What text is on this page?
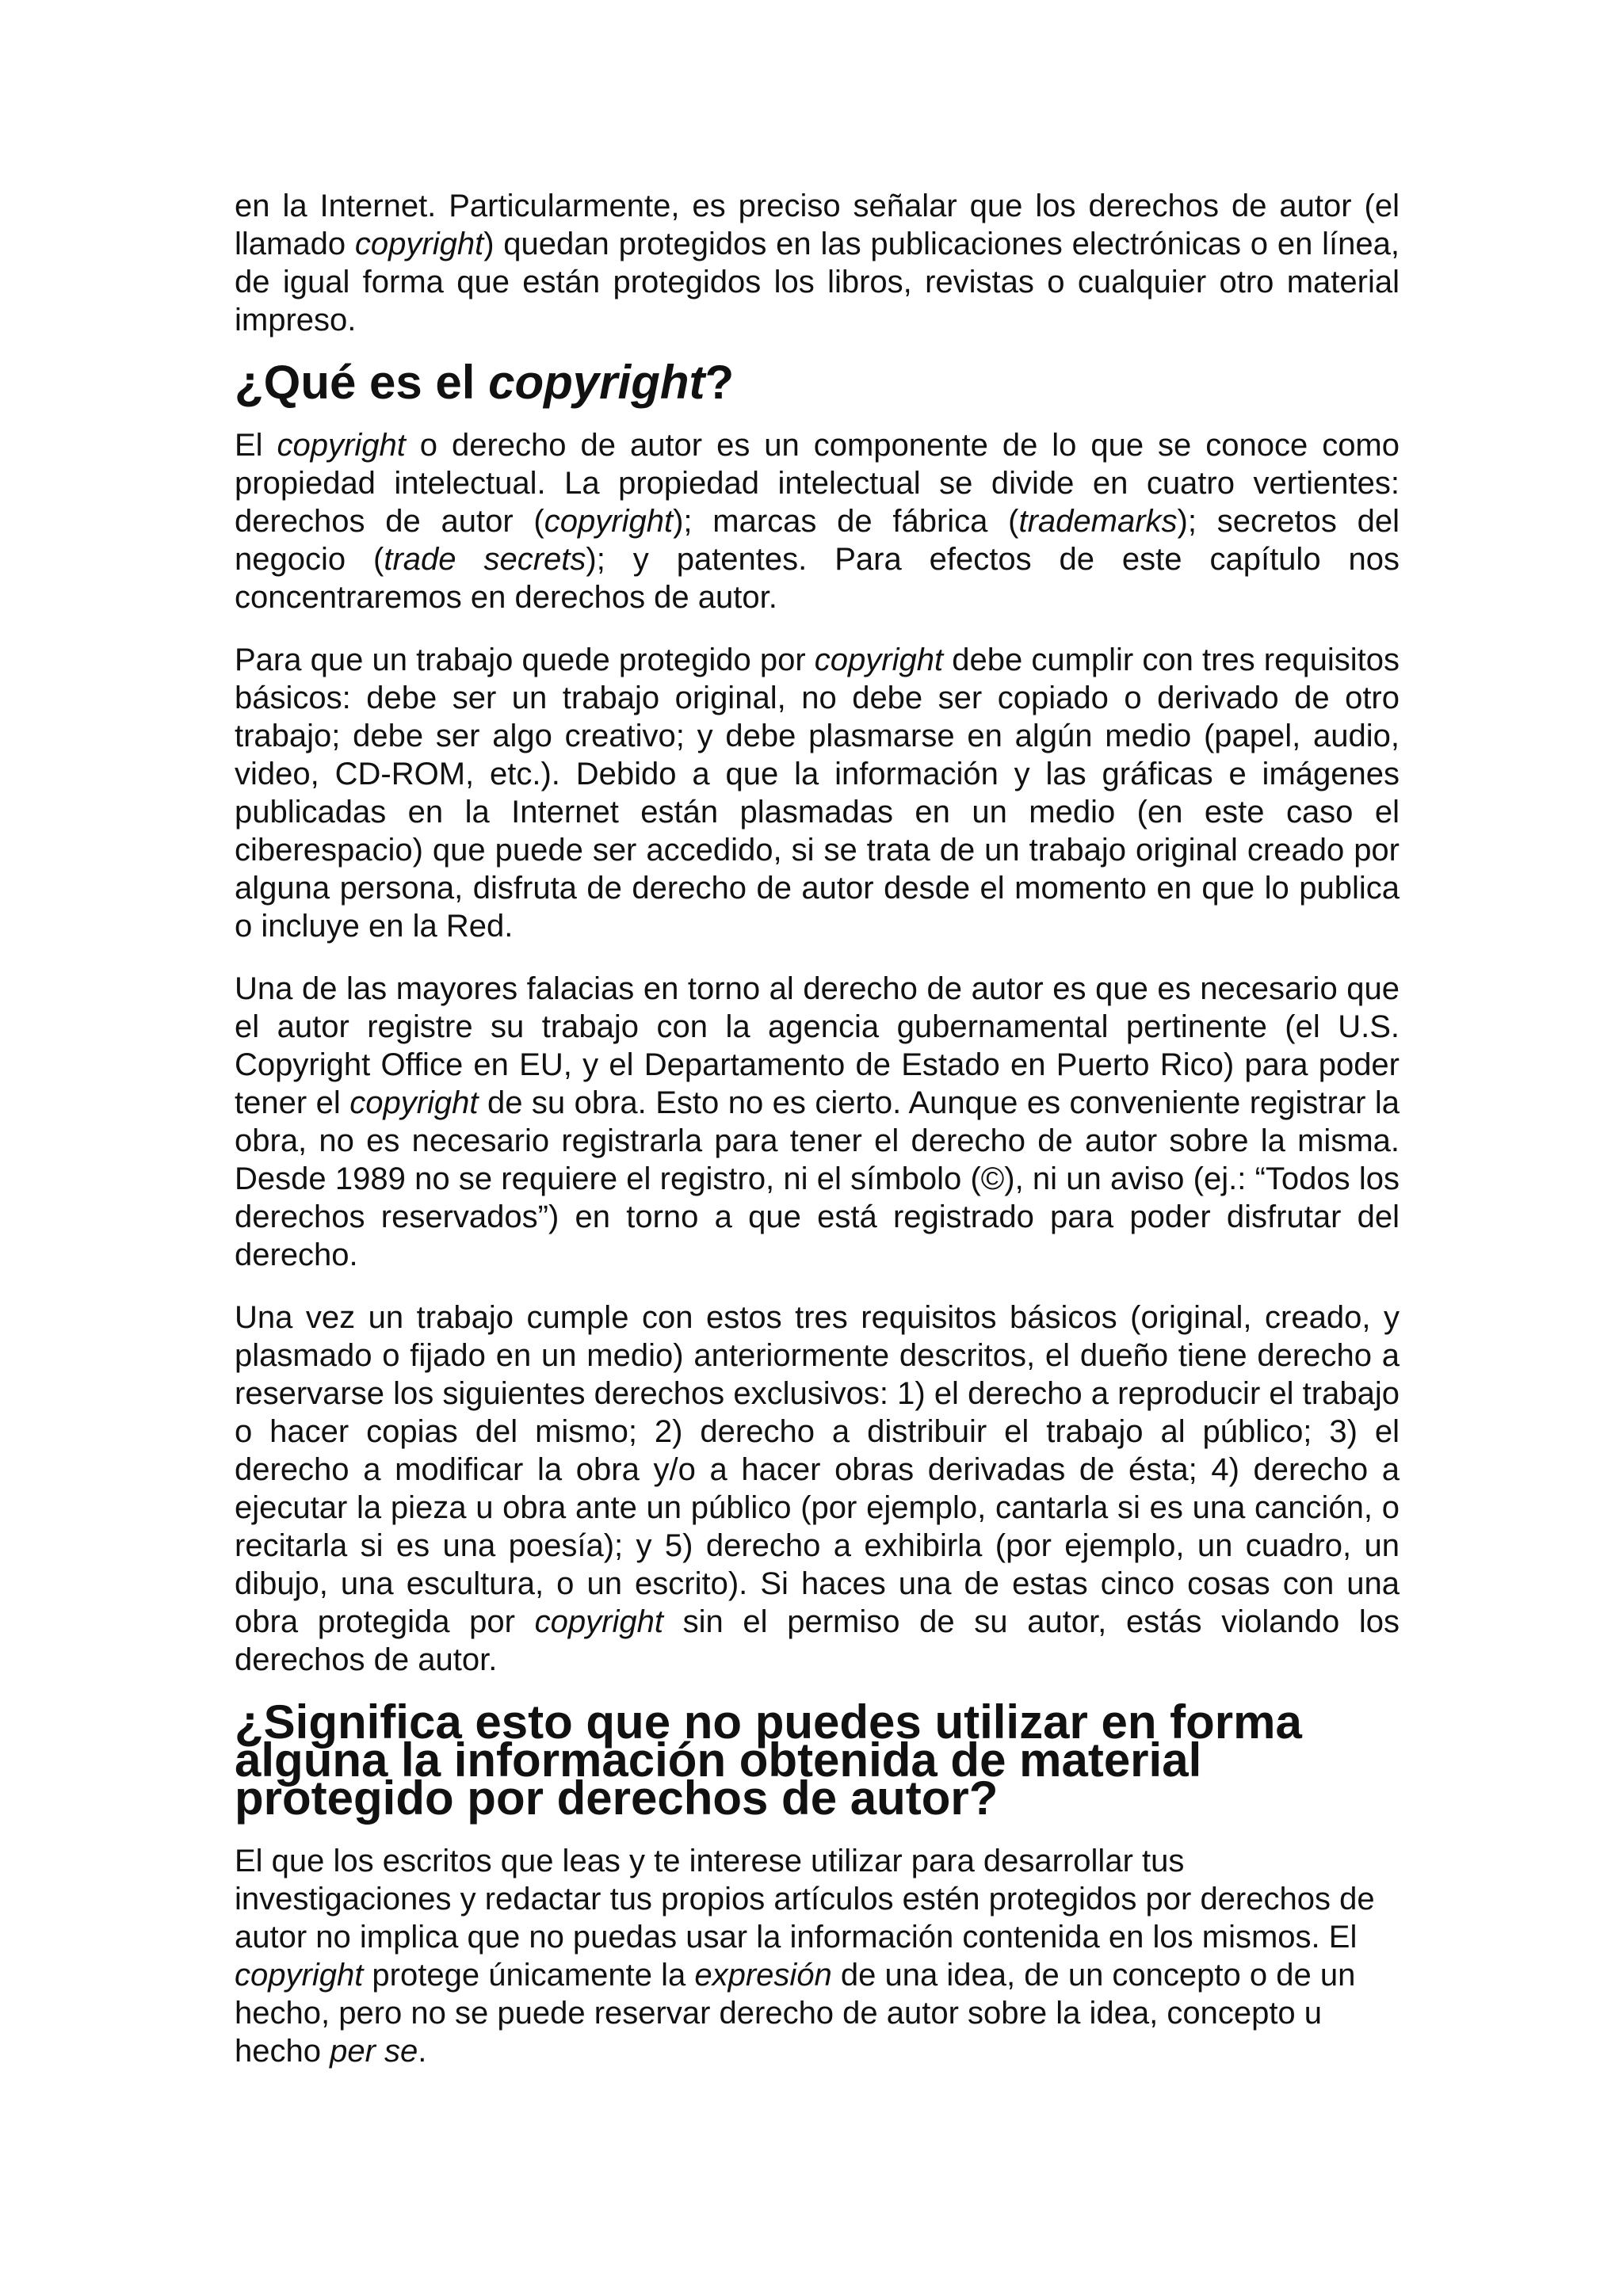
en la Internet. Particularmente, es preciso señalar que los derechos de autor (el llamado copyright) quedan protegidos en las publicaciones electrónicas o en línea, de igual forma que están protegidos los libros, revistas o cualquier otro material impreso.

¿Qué es el copyright?

El copyright o derecho de autor es un componente de lo que se conoce como propiedad intelectual. La propiedad intelectual se divide en cuatro vertientes: derechos de autor (copyright); marcas de fábrica (trademarks); secretos del negocio (trade secrets); y patentes. Para efectos de este capítulo nos concentraremos en derechos de autor.

Para que un trabajo quede protegido por copyright debe cumplir con tres requisitos básicos: debe ser un trabajo original, no debe ser copiado o derivado de otro trabajo; debe ser algo creativo; y debe plasmarse en algún medio (papel, audio, video, CD-ROM, etc.). Debido a que la información y las gráficas e imágenes publicadas en la Internet están plasmadas en un medio (en este caso el ciberespacio) que puede ser accedido, si se trata de un trabajo original creado por alguna persona, disfruta de derecho de autor desde el momento en que lo publica o incluye en la Red.

Una de las mayores falacias en torno al derecho de autor es que es necesario que el autor registre su trabajo con la agencia gubernamental pertinente (el U.S. Copyright Office en EU, y el Departamento de Estado en Puerto Rico) para poder tener el copyright de su obra. Esto no es cierto. Aunque es conveniente registrar la obra, no es necesario registrarla para tener el derecho de autor sobre la misma. Desde 1989 no se requiere el registro, ni el símbolo (©), ni un aviso (ej.: “Todos los derechos reservados”) en torno a que está registrado para poder disfrutar del derecho.

Una vez un trabajo cumple con estos tres requisitos básicos (original, creado, y plasmado o fijado en un medio) anteriormente descritos, el dueño tiene derecho a reservarse los siguientes derechos exclusivos: 1) el derecho a reproducir el trabajo o hacer copias del mismo; 2) derecho a distribuir el trabajo al público; 3) el derecho a modificar la obra y/o a hacer obras derivadas de ésta; 4) derecho a ejecutar la pieza u obra ante un público (por ejemplo, cantarla si es una canción, o recitarla si es una poesía); y 5) derecho a exhibirla (por ejemplo, un cuadro, un dibujo, una escultura, o un escrito). Si haces una de estas cinco cosas con una obra protegida por copyright sin el permiso de su autor, estás violando los derechos de autor.

¿Significa esto que no puedes utilizar en forma alguna la información obtenida de material protegido por derechos de autor?

El que los escritos que leas y te interese utilizar para desarrollar tus investigaciones y redactar tus propios artículos estén protegidos por derechos de autor no implica que no puedas usar la información contenida en los mismos. El copyright protege únicamente la expresión de una idea, de un concepto o de un hecho, pero no se puede reservar derecho de autor sobre la idea, concepto u hecho per se.
